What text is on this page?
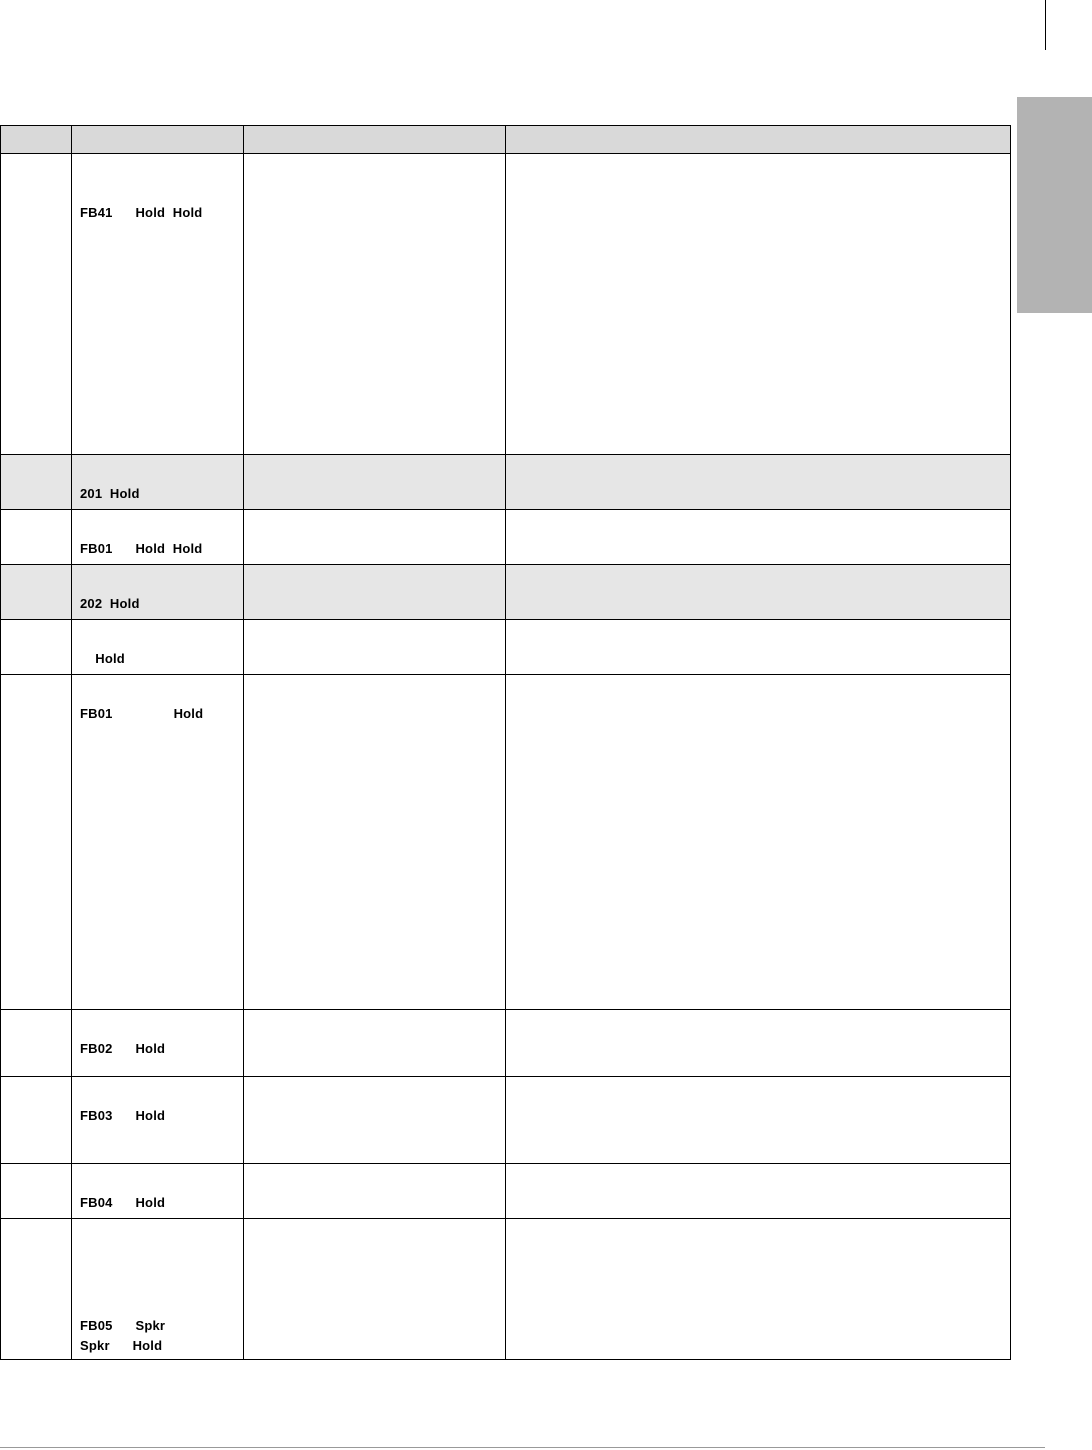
	FB41      Hold  Hold		

	201  Hold		

	FB01      Hold  Hold		

	202  Hold		

	Hold		

	FB01                Hold		

	FB02      Hold		

	FB03      Hold		

	FB04      Hold		

	FB05      Spkr
Spkr      Hold		
